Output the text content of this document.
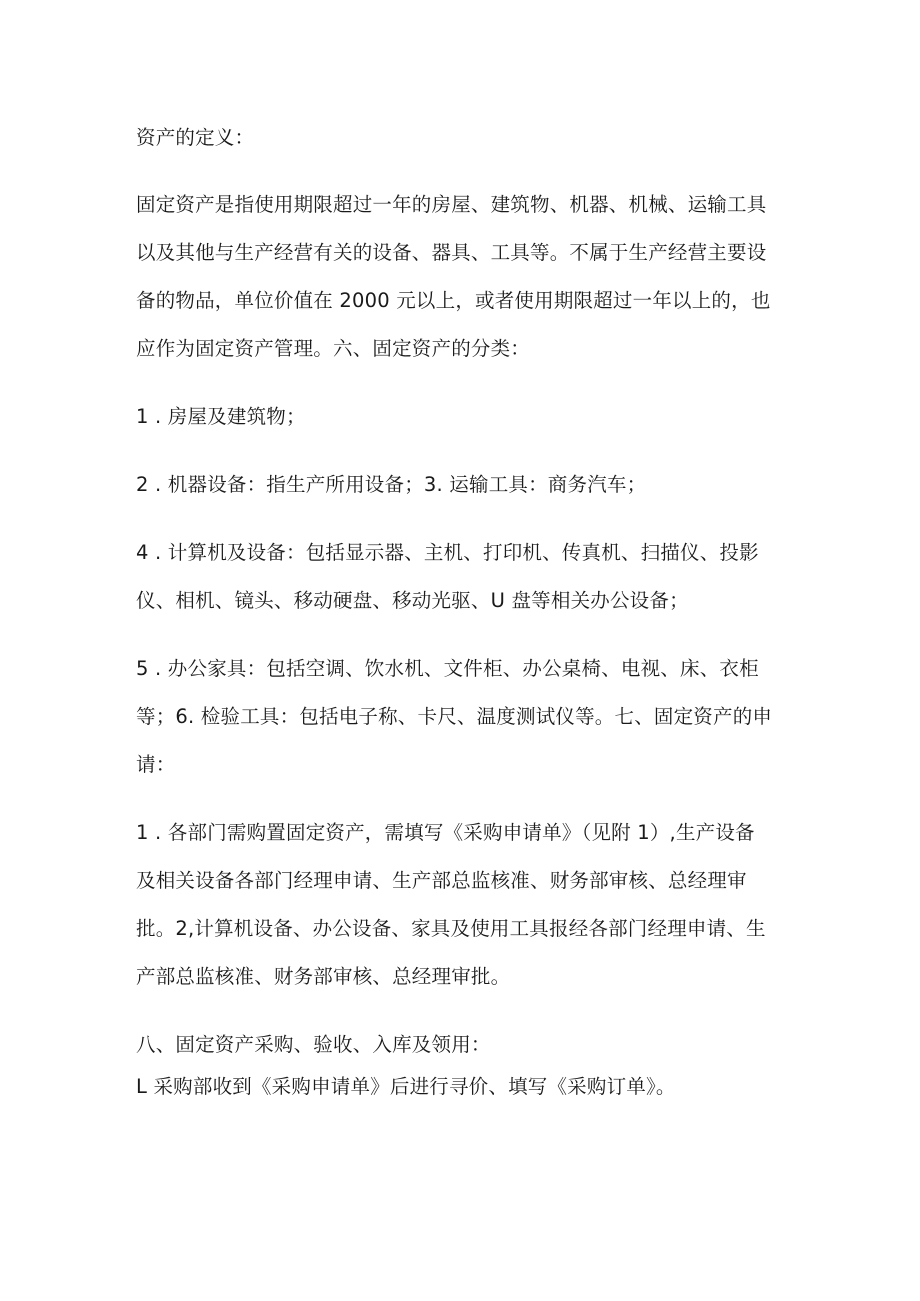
资产的定义：
固定资产是指使用期限超过一年的房屋、建筑物、机器、机械、运输工具
以及其他与生产经营有关的设备、器具、工具等。不属于生产经营主要设
备的物品，单位价值在 2000 元以上，或者使用期限超过一年以上的，也
应作为固定资产管理。六、固定资产的分类：
1 . 房屋及建筑物；
2 . 机器设备：指生产所用设备；3. 运输工具：商务汽车；
4 . 计算机及设备：包括显示器、主机、打印机、传真机、扫描仪、投影
仪、相机、镜头、移动硬盘、移动光驱、U 盘等相关办公设备；
5 . 办公家具：包括空调、饮水机、文件柜、办公桌椅、电视、床、衣柜
等；6. 检验工具：包括电子称、卡尺、温度测试仪等。七、固定资产的申
请：
1 . 各部门需购置固定资产，需填写《采购申请单》（见附 1）,生产设备
及相关设备各部门经理申请、生产部总监核准、财务部审核、总经理审
批。2,计算机设备、办公设备、家具及使用工具报经各部门经理申请、生
产部总监核准、财务部审核、总经理审批。
八、固定资产采购、验收、入库及领用：
L 采购部收到《采购申请单》后进行寻价、填写《采购订单》。
